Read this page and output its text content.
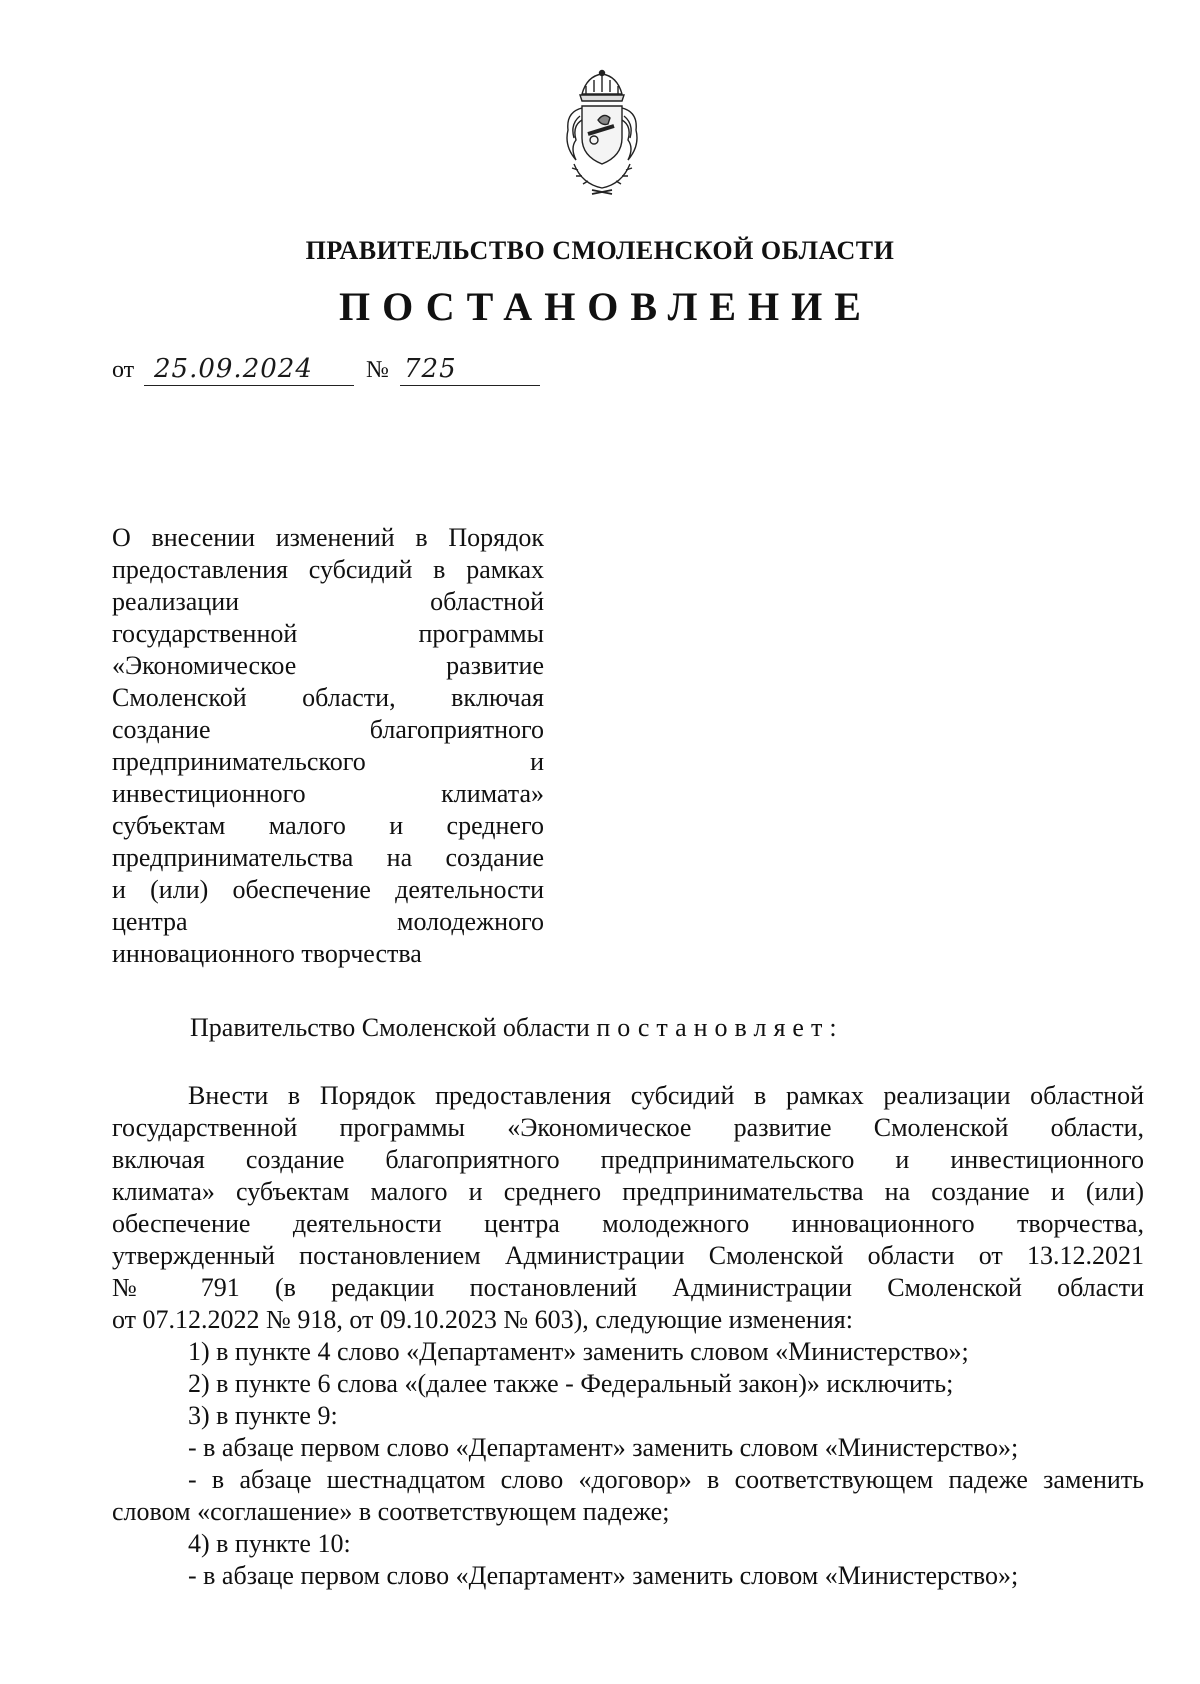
ПРАВИТЕЛЬСТВО СМОЛЕНСКОЙ ОБЛАСТИ
ПОСТАНОВЛЕНИЕ
от 25.09.2024 № 725
О внесении изменений в Порядок
предоставления субсидий в рамках
реализации областной
государственной программы
«Экономическое развитие
Смоленской области, включая
создание благоприятного
предпринимательского и
инвестиционного климата»
субъектам малого и среднего
предпринимательства на создание
и (или) обеспечение деятельности
центра молодежного
инновационного творчества
Правительство Смоленской области постановляет:
Внести в Порядок предоставления субсидий в рамках реализации областной
государственной программы «Экономическое развитие Смоленской области,
включая создание благоприятного предпринимательского и инвестиционного
климата» субъектам малого и среднего предпринимательства на создание и (или)
обеспечение деятельности центра молодежного инновационного творчества,
утвержденный постановлением Администрации Смоленской области от 13.12.2021
№ 791 (в редакции постановлений Администрации Смоленской области
от 07.12.2022 № 918, от 09.10.2023 № 603), следующие изменения:
1) в пункте 4 слово «Департамент» заменить словом «Министерство»;
2) в пункте 6 слова «(далее также - Федеральный закон)» исключить;
3) в пункте 9:
- в абзаце первом слово «Департамент» заменить словом «Министерство»;
- в абзаце шестнадцатом слово «договор» в соответствующем падеже заменить
словом «соглашение» в соответствующем падеже;
4) в пункте 10:
- в абзаце первом слово «Департамент» заменить словом «Министерство»;
